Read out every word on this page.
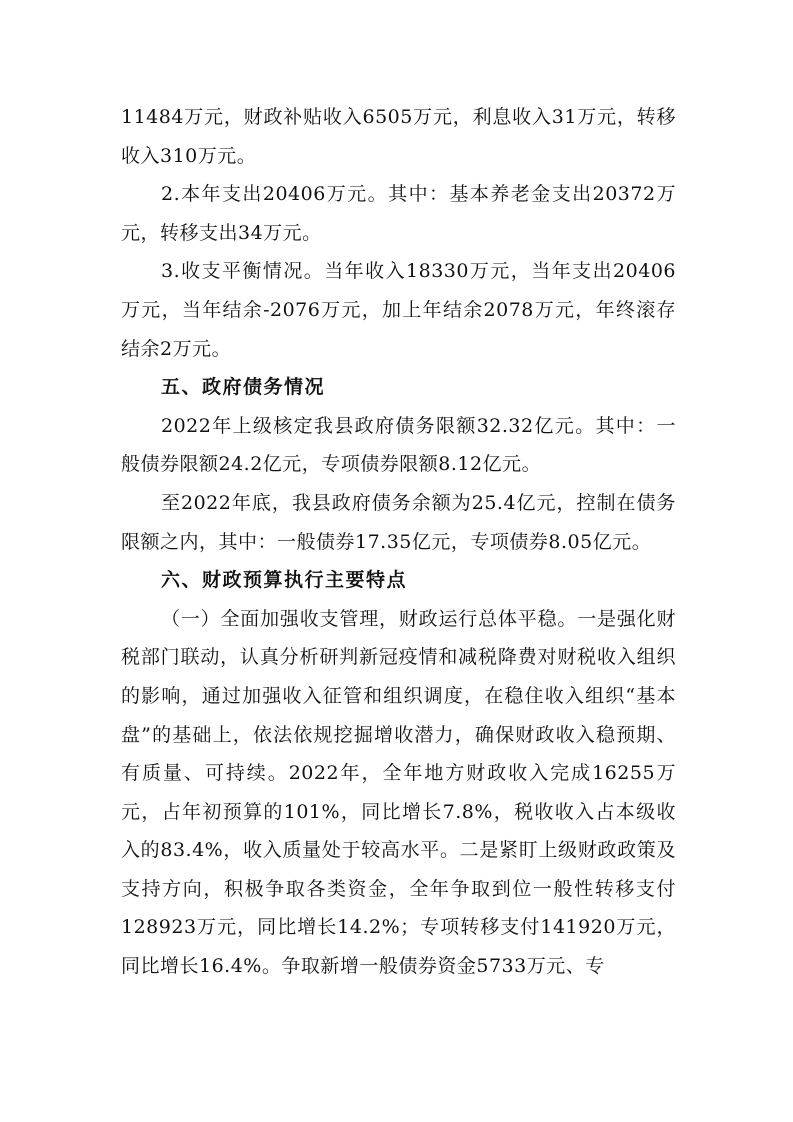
11484万元，财政补贴收入6505万元，利息收入31万元，转移收入310万元。

2.本年支出20406万元。其中：基本养老金支出20372万元，转移支出34万元。

3.收支平衡情况。当年收入18330万元，当年支出20406万元，当年结余-2076万元，加上年结余2078万元，年终滚存结余2万元。

五、政府债务情况

2022年上级核定我县政府债务限额32.32亿元。其中：一般债券限额24.2亿元，专项债券限额8.12亿元。

至2022年底，我县政府债务余额为25.4亿元，控制在债务限额之内，其中：一般债券17.35亿元，专项债券8.05亿元。

六、财政预算执行主要特点

（一）全面加强收支管理，财政运行总体平稳。一是强化财税部门联动，认真分析研判新冠疫情和减税降费对财税收入组织的影响，通过加强收入征管和组织调度，在稳住收入组织“基本盘”的基础上，依法依规挖掘增收潜力，确保财政收入稳预期、有质量、可持续。2022年，全年地方财政收入完成16255万元，占年初预算的101%，同比增长7.8%，税收收入占本级收入的83.4%，收入质量处于较高水平。二是紧盯上级财政政策及支持方向，积极争取各类资金，全年争取到位一般性转移支付128923万元，同比增长14.2%；专项转移支付141920万元，同比增长16.4%。争取新增一般债券资金5733万元、专
